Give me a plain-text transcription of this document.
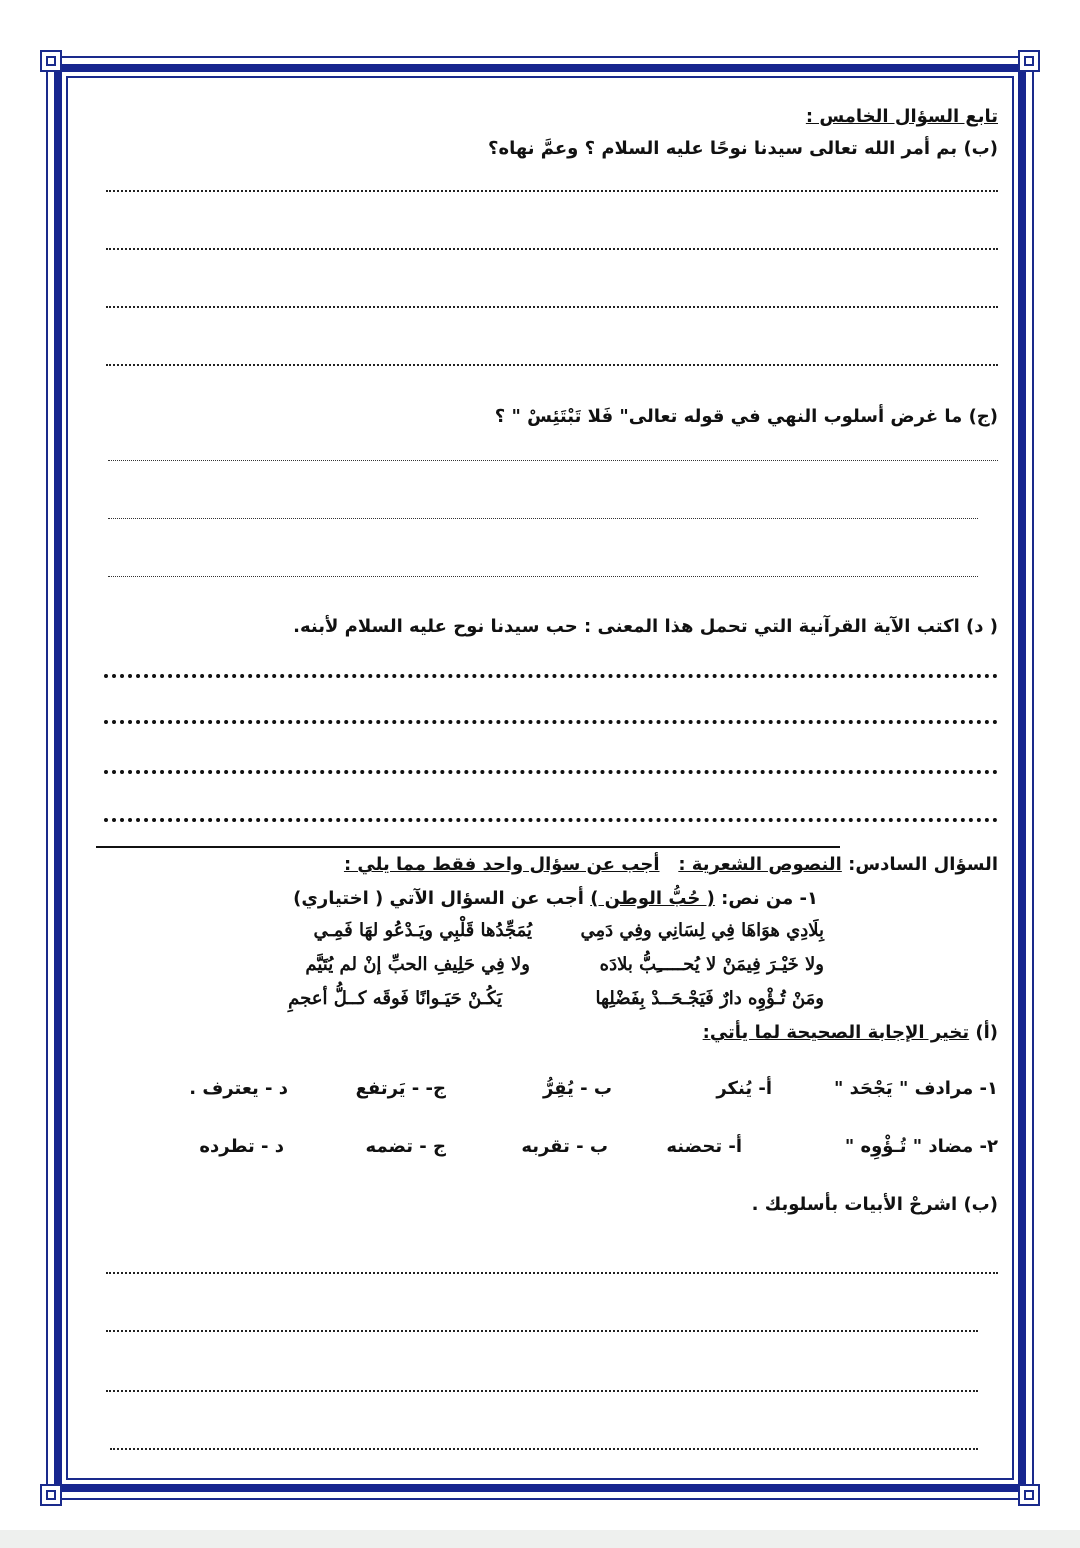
تابع السؤال الخامس :
(ب) بم أمر الله تعالى سيدنا نوحًا عليه السلام ؟ وعمَّ نهاه؟
(ج) ما غرض أسلوب النهي في قوله تعالى" فَلا تَبْتَئِسْ " ؟
( د) اكتب الآية القرآنية التي تحمل هذا المعنى : حب سيدنا نوح عليه السلام لأبنه.
السؤال السادس: النصوص الشعرية :   أجب عن سؤال واحد فقط مما يلي :
١- من نص: ( حُبُّ الوطن ) أجب عن السؤال الآتي ( اختياري)
بِلَادِي هوَاهَا فِي لِسَانِي وفِي دَمِي
يُمَجِّدُها قَلْبِي ويَـدْعُو لهَا فَمِـي
ولا خَيْـرَ فِيمَنْ لا يُحـــــِبُّ بلادَه
ولا فِي حَلِيفِ الحبِّ إنْ لم يُتَيَّم
ومَنْ تُـؤْوِه دارٌ فَيَجْـحَــدْ بِفَضْلِها
يَكُـنْ حَيَـوانًا فَوقَه كــلُّ أعجمِ
(أ) تخير الإجابة الصحيحة لما يأتي:
١- مرادف " يَجْحَد "
أ- يُنكر
ب - يُقِرُّ
ج- - يَرتفع
د - يعترف .
٢- مضاد " تُـؤْوِه "
أ- تحضنه
ب - تقربه
ج - تضمه
د - تطرده
(ب) اشرحْ الأبيات بأسلوبك .
